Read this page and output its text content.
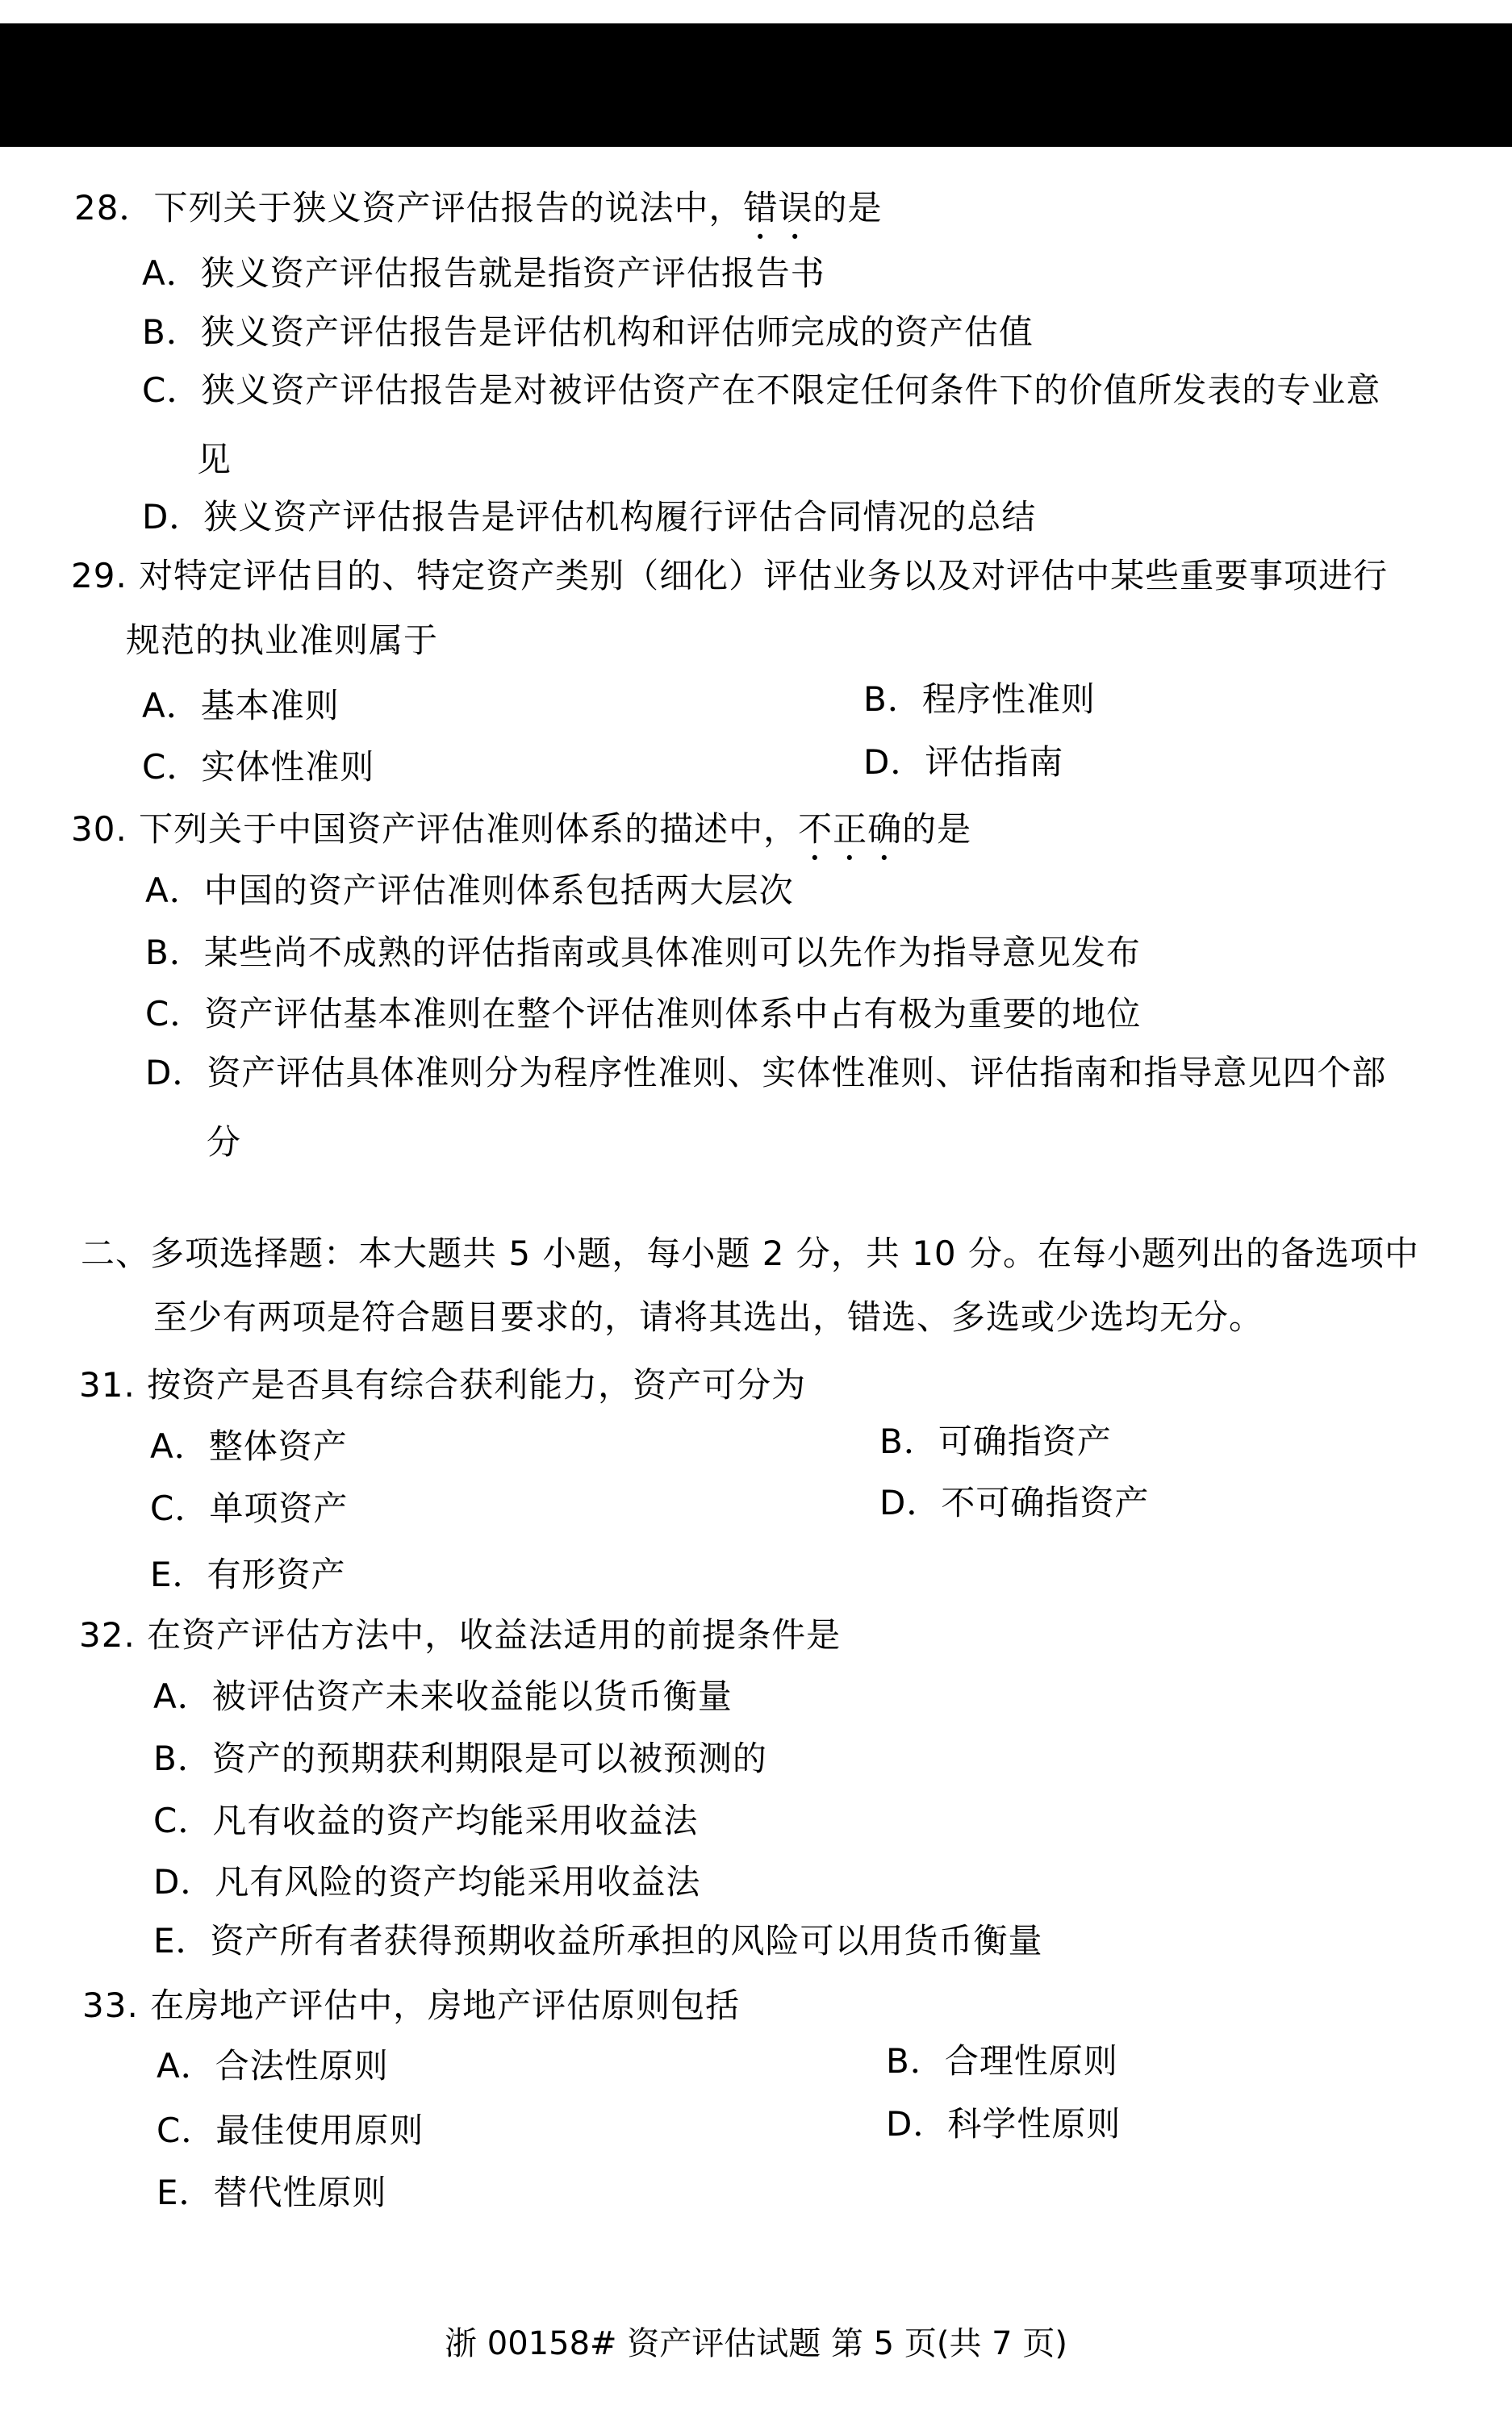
28．下列关于狭义资产评估报告的说法中，错误的是
A．狭义资产评估报告就是指资产评估报告书
B．狭义资产评估报告是评估机构和评估师完成的资产估值
C．狭义资产评估报告是对被评估资产在不限定任何条件下的价值所发表的专业意
见
D．狭义资产评估报告是评估机构履行评估合同情况的总结
29. 对特定评估目的、特定资产类别（细化）评估业务以及对评估中某些重要事项进行
规范的执业准则属于
A．基本准则	B．程序性准则
C．实体性准则	D．评估指南
30. 下列关于中国资产评估准则体系的描述中，不正确的是
A．中国的资产评估准则体系包括两大层次
B．某些尚不成熟的评估指南或具体准则可以先作为指导意见发布
C．资产评估基本准则在整个评估准则体系中占有极为重要的地位
D．资产评估具体准则分为程序性准则、实体性准则、评估指南和指导意见四个部
分
二、多项选择题：本大题共 5 小题，每小题 2 分，共 10 分。在每小题列出的备选项中
至少有两项是符合题目要求的，请将其选出，错选、多选或少选均无分。
31. 按资产是否具有综合获利能力，资产可分为
A．整体资产	B．可确指资产
C．单项资产	D．不可确指资产
E．有形资产
32. 在资产评估方法中，收益法适用的前提条件是
A．被评估资产未来收益能以货币衡量
B．资产的预期获利期限是可以被预测的
C．凡有收益的资产均能采用收益法
D．凡有风险的资产均能采用收益法
E．资产所有者获得预期收益所承担的风险可以用货币衡量
33. 在房地产评估中，房地产评估原则包括
A．合法性原则	B．合理性原则
C．最佳使用原则	D．科学性原则
E．替代性原则
浙 00158# 资产评估试题 第 5 页(共 7 页)
